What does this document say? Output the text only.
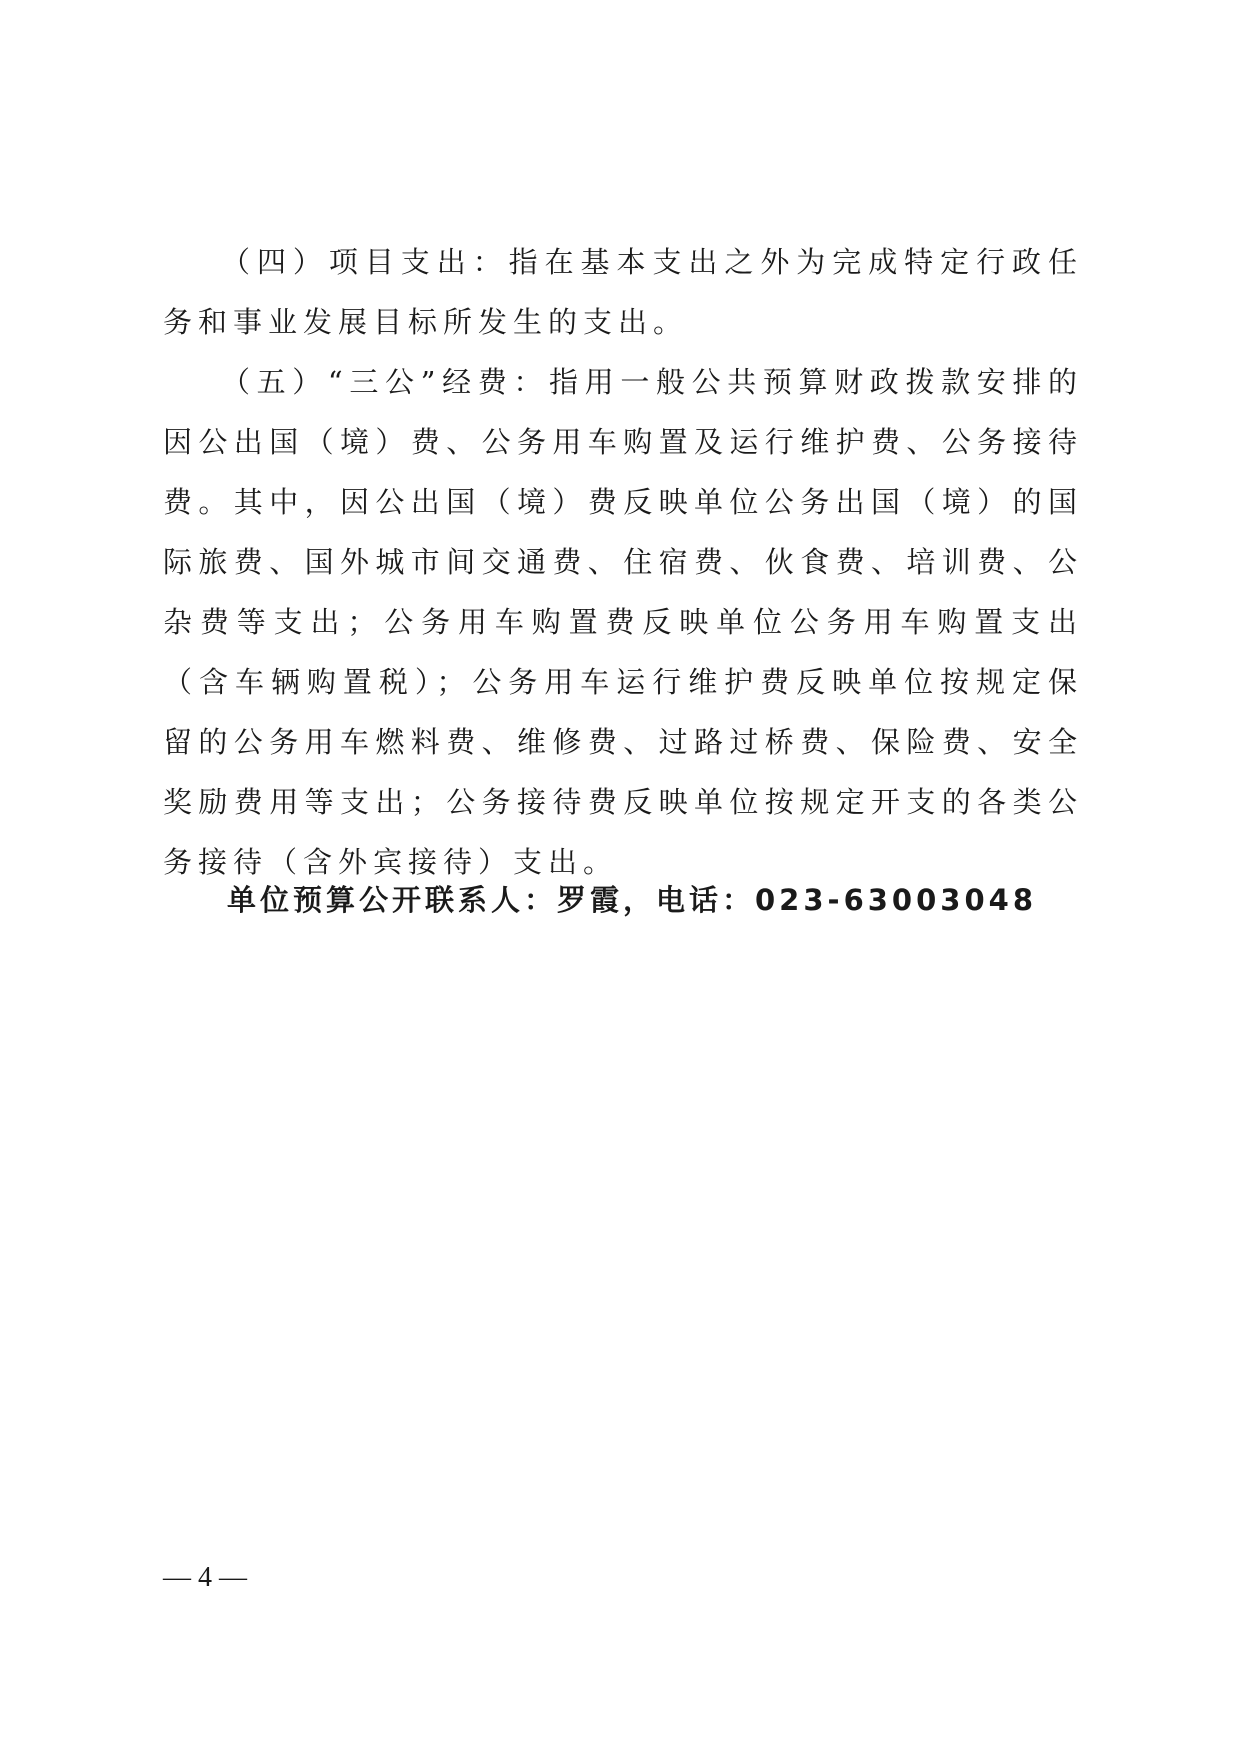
（四）项目支出：指在基本支出之外为完成特定行政任务和事业发展目标所发生的支出。

（五）“三公”经费：指用一般公共预算财政拨款安排的因公出国（境）费、公务用车购置及运行维护费、公务接待费。其中，因公出国（境）费反映单位公务出国（境）的国际旅费、国外城市间交通费、住宿费、伙食费、培训费、公杂费等支出；公务用车购置费反映单位公务用车购置支出（含车辆购置税）；公务用车运行维护费反映单位按规定保留的公务用车燃料费、维修费、过路过桥费、保险费、安全奖励费用等支出；公务接待费反映单位按规定开支的各类公务接待（含外宾接待）支出。

单位预算公开联系人：罗霞，电话：023-63003048
— 4 —
